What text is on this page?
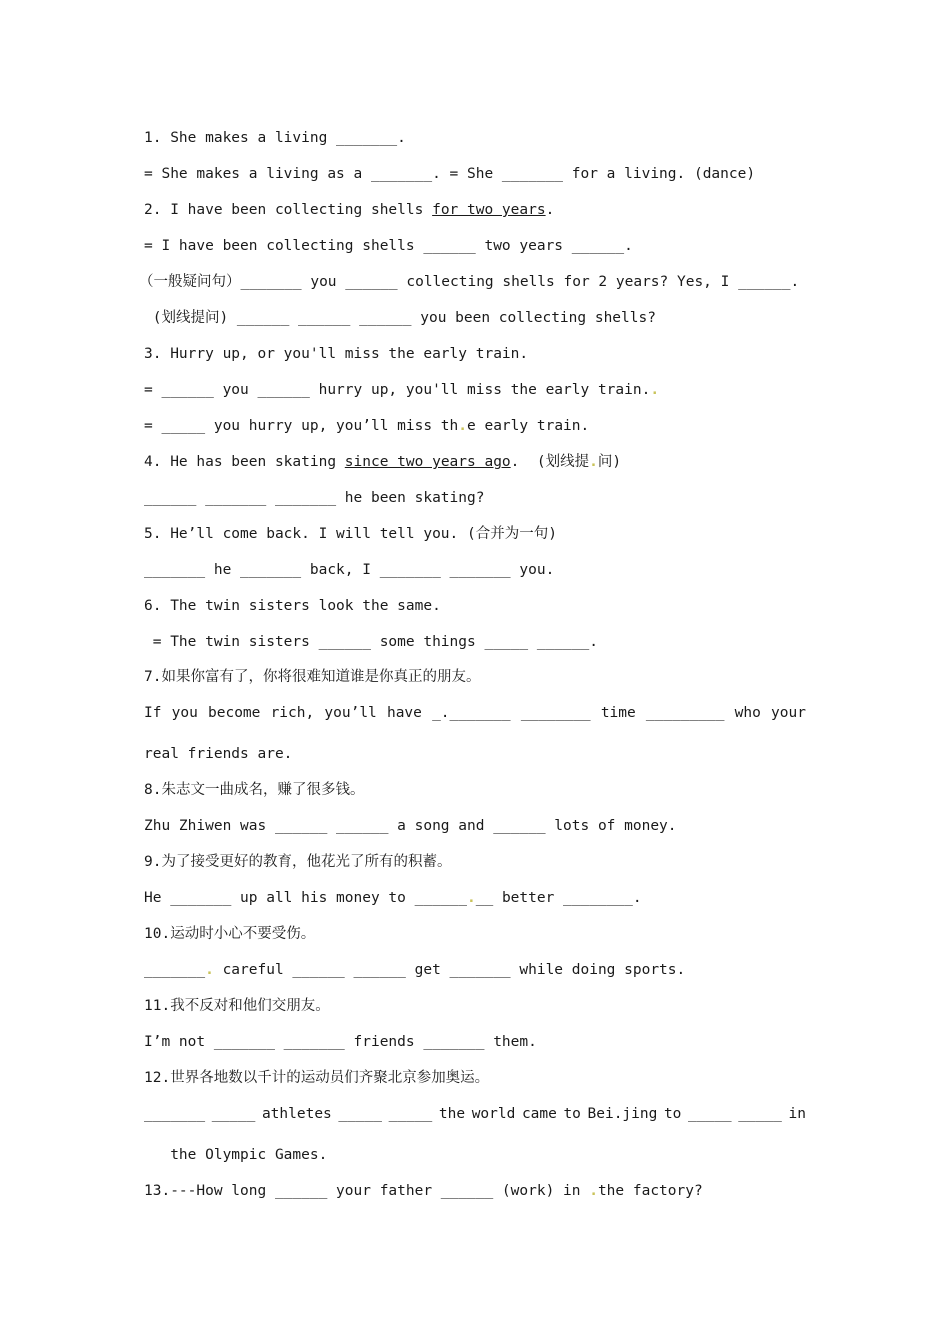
1. She makes a living _______.
= She makes a living as a _______. = She _______ for a living. (dance)
2. I have been collecting shells for two years.
= I have been collecting shells ______ two years ______.
（一般疑问句）_______ you ______ collecting shells for 2 years? Yes, I ______.
(划线提问) ______ ______ ______ you been collecting shells?
3. Hurry up, or you'll miss the early train.
= ______ you ______ hurry up, you'll miss the early train..
= _____ you hurry up, you’ll miss th.e early train.
4. He has been skating since two years ago.  (划线提.问)
______ _______ _______ he been skating?
5. He’ll come back. I will tell you. (合并为一句)
_______ he _______ back, I _______ _______ you.
6. The twin sisters look the same.
= The twin sisters ______ some things _____ ______.
7.如果你富有了，你将很难知道谁是你真正的朋友。
If you become rich, you’ll have _._______ ________ time _________ who your
real friends are.
8.朱志文一曲成名，赚了很多钱。
Zhu Zhiwen was ______ ______ a song and ______ lots of money.
9.为了接受更好的教育，他花光了所有的积蓄。
He _______ up all his money to ______.__ better ________.
10.运动时小心不要受伤。
_______. careful ______ ______ get _______ while doing sports.
11.我不反对和他们交朋友。
I’m not _______ _______ friends _______ them.
12.世界各地数以千计的运动员们齐聚北京参加奥运。
_______ _____ athletes _____ _____ the world came to Bei.jing to _____ _____ in
the Olympic Games.
13.---How long ______ your father ______ (work) in .the factory?
